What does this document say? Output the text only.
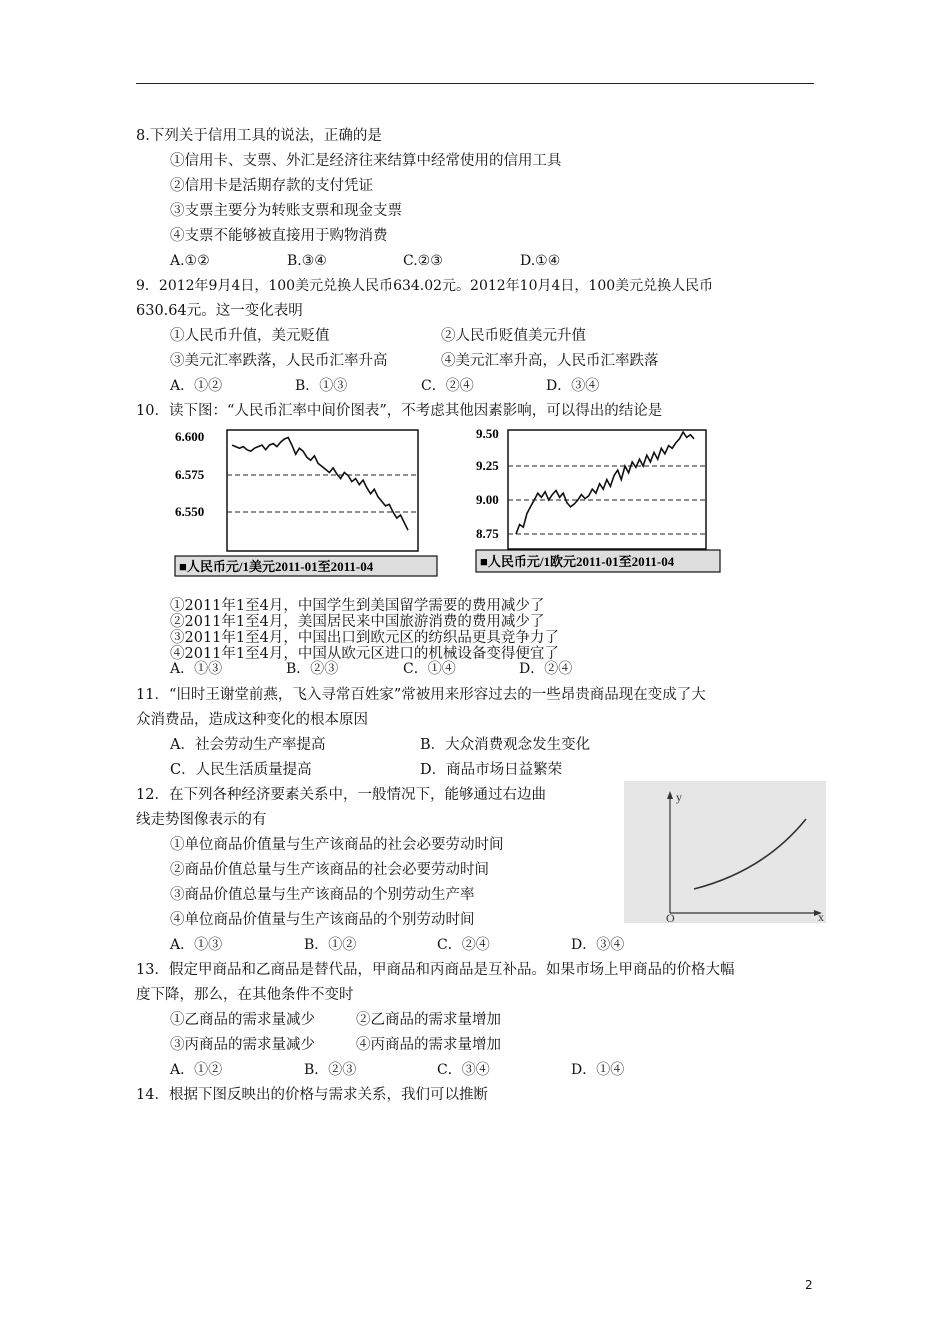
8.下列关于信用工具的说法，正确的是
①信用卡、支票、外汇是经济往来结算中经常使用的信用工具
②信用卡是活期存款的支付凭证
③支票主要分为转账支票和现金支票
④支票不能够被直接用于购物消费
A.①②	B.③④	C.②③	D.①④
9．2012年9月4日，100美元兑换人民币634.02元。2012年10月4日，100美元兑换人民币
630.64元。这一变化表明
①人民币升值，美元贬值	②人民币贬值美元升值
③美元汇率跌落，人民币汇率升高	④美元汇率升高，人民币汇率跌落
A．①②	B．①③	C．②④	D．③④
10．读下图：“人民币汇率中间价图表”，不考虑其他因素影响，可以得出的结论是
6.600
6.575
6.550
■人民币元/1美元2011-01至2011-04
9.50
9.25
9.00
8.75
■人民币元/1欧元2011-01至2011-04
①2011年1至4月，中国学生到美国留学需要的费用减少了
②2011年1至4月，美国居民来中国旅游消费的费用减少了
③2011年1至4月，中国出口到欧元区的纺织品更具竞争力了
④2011年1至4月，中国从欧元区进口的机械设备变得便宜了
A．①③	B．②③	C．①④	D．②④
11．“旧时王谢堂前燕，飞入寻常百姓家”常被用来形容过去的一些昂贵商品现在变成了大
众消费品，造成这种变化的根本原因
A．社会劳动生产率提高	B．大众消费观念发生变化
C．人民生活质量提高	D．商品市场日益繁荣
12．在下列各种经济要素关系中，一般情况下，能够通过右边曲
线走势图像表示的有
①单位商品价值量与生产该商品的社会必要劳动时间
②商品价值总量与生产该商品的社会必要劳动时间
③商品价值总量与生产该商品的个别劳动生产率
④单位商品价值量与生产该商品的个别劳动时间
A．①③	B．①②	C．②④	D．③④
y
x
O
13．假定甲商品和乙商品是替代品，甲商品和丙商品是互补品。如果市场上甲商品的价格大幅
度下降，那么，在其他条件不变时
①乙商品的需求量减少	②乙商品的需求量增加
③丙商品的需求量减少	④丙商品的需求量增加
A．①②	B．②③	C．③④	D．①④
14．根据下图反映出的价格与需求关系，我们可以推断
2
